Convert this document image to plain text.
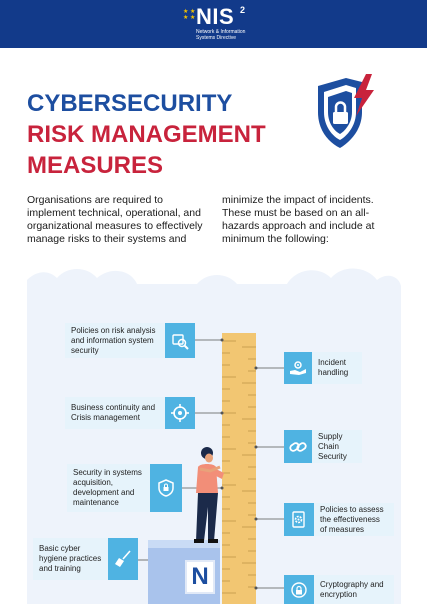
★ ★
★ ★ NIS 2
Network & Information Systems Directive
CYBERSECURITY
RISK MANAGEMENT
MEASURES
Organisations are required to implement technical, operational, and organizational measures to effectively manage risks to their systems and
minimize the impact of incidents. These must be based on an all-hazards approach and include at minimum the following:
Policies on risk analysis and information system security
Business continuity and Crisis management
Security in systems acquisition, development and maintenance
Basic cyber hygiene practices and training
Incident handling
Supply Chain Security
Policies to assess the effectiveness of measures
Cryptography and encryption
N
